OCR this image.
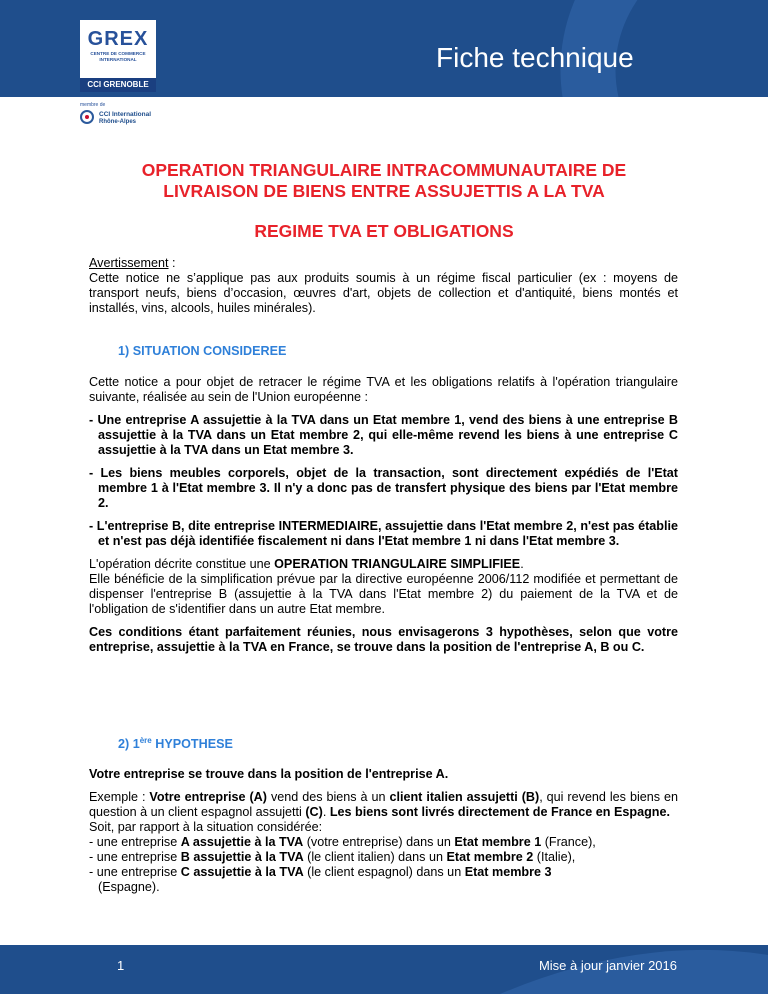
Fiche technique
GREX
CENTRE DE COMMERCE
INTERNATIONAL
CCI GRENOBLE
membre de
CCI International
Rhône-Alpes
OPERATION TRIANGULAIRE INTRACOMMUNAUTAIRE DE
LIVRAISON DE BIENS ENTRE ASSUJETTIS A LA TVA
REGIME TVA ET OBLIGATIONS

Avertissement :

Cette notice ne s’applique pas aux produits soumis à un régime fiscal particulier (ex : moyens de transport neufs, biens d’occasion, œuvres d'art, objets de collection et d'antiquité, biens montés et installés, vins, alcools, huiles minérales).

1) SITUATION CONSIDEREE

Cette notice a pour objet de retracer le régime TVA et les obligations relatifs à l'opération triangulaire suivante, réalisée au sein de l'Union européenne :

- Une entreprise A assujettie à la TVA dans un Etat membre 1, vend des biens à une entreprise B assujettie à la TVA dans un Etat membre 2, qui elle-même revend les biens à une entreprise C assujettie à la TVA dans un Etat membre 3.

- Les biens meubles corporels, objet de la transaction, sont directement expédiés de l'Etat membre 1 à l'Etat membre 3. Il n'y a donc pas de transfert physique des biens par l'Etat membre 2.

- L'entreprise B, dite entreprise INTERMEDIAIRE, assujettie dans l'Etat membre 2, n'est pas établie et n'est pas déjà identifiée fiscalement ni dans l'Etat membre 1 ni dans l'Etat membre 3.

L'opération décrite constitue une OPERATION TRIANGULAIRE SIMPLIFIEE.

Elle bénéficie de la simplification prévue par la directive européenne 2006/112 modifiée et permettant de dispenser l'entreprise B (assujettie à la TVA dans l'Etat membre 2) du paiement de la TVA et de l'obligation de s'identifier dans un autre Etat membre.

Ces conditions étant parfaitement réunies, nous envisagerons 3 hypothèses, selon que votre entreprise, assujettie à la TVA en France, se trouve dans la position de l'entreprise A, B ou C.

2) 1ère HYPOTHESE

Votre entreprise se trouve dans la position de l'entreprise A.

Exemple : Votre entreprise (A) vend des biens à un client italien assujetti (B), qui revend les biens en question à un client espagnol assujetti (C). Les biens sont livrés directement de France en Espagne.

Soit, par rapport à la situation considérée:

- une entreprise A assujettie à la TVA (votre entreprise) dans un Etat membre 1 (France),

- une entreprise B assujettie à la TVA (le client italien) dans un Etat membre 2 (Italie),

- une entreprise C assujettie à la TVA (le client espagnol) dans un Etat membre 3

(Espagne).

1	Mise à jour janvier 2016
